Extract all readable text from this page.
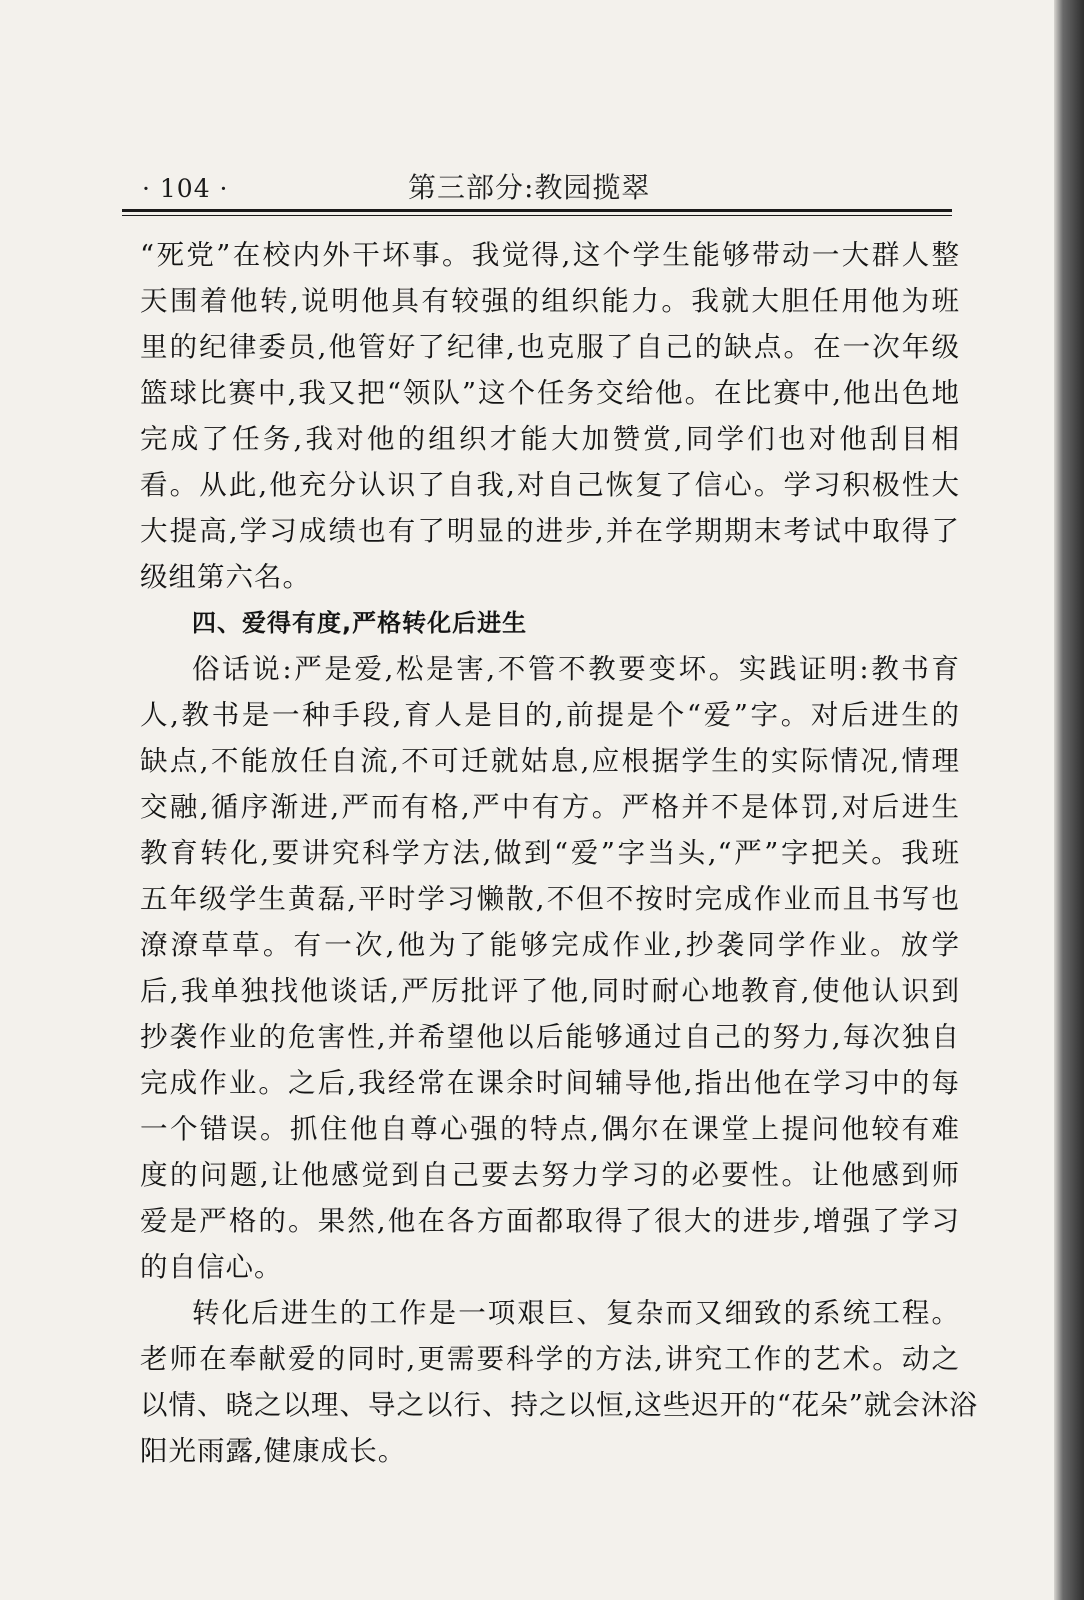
· 104 ·	第三部分:教园揽翠
“死党”在校内外干坏事。我觉得,这个学生能够带动一大群人整
天围着他转,说明他具有较强的组织能力。我就大胆任用他为班
里的纪律委员,他管好了纪律,也克服了自己的缺点。在一次年级
篮球比赛中,我又把“领队”这个任务交给他。在比赛中,他出色地
完成了任务,我对他的组织才能大加赞赏,同学们也对他刮目相
看。从此,他充分认识了自我,对自己恢复了信心。学习积极性大
大提高,学习成绩也有了明显的进步,并在学期期末考试中取得了
级组第六名。
四、爱得有度,严格转化后进生
俗话说:严是爱,松是害,不管不教要变坏。实践证明:教书育
人,教书是一种手段,育人是目的,前提是个“爱”字。对后进生的
缺点,不能放任自流,不可迁就姑息,应根据学生的实际情况,情理
交融,循序渐进,严而有格,严中有方。严格并不是体罚,对后进生
教育转化,要讲究科学方法,做到“爱”字当头,“严”字把关。我班
五年级学生黄磊,平时学习懒散,不但不按时完成作业而且书写也
潦潦草草。有一次,他为了能够完成作业,抄袭同学作业。放学
后,我单独找他谈话,严厉批评了他,同时耐心地教育,使他认识到
抄袭作业的危害性,并希望他以后能够通过自己的努力,每次独自
完成作业。之后,我经常在课余时间辅导他,指出他在学习中的每
一个错误。抓住他自尊心强的特点,偶尔在课堂上提问他较有难
度的问题,让他感觉到自己要去努力学习的必要性。让他感到师
爱是严格的。果然,他在各方面都取得了很大的进步,增强了学习
的自信心。
转化后进生的工作是一项艰巨、复杂而又细致的系统工程。
老师在奉献爱的同时,更需要科学的方法,讲究工作的艺术。动之
以情、晓之以理、导之以行、持之以恒,这些迟开的“花朵”就会沐浴
阳光雨露,健康成长。
